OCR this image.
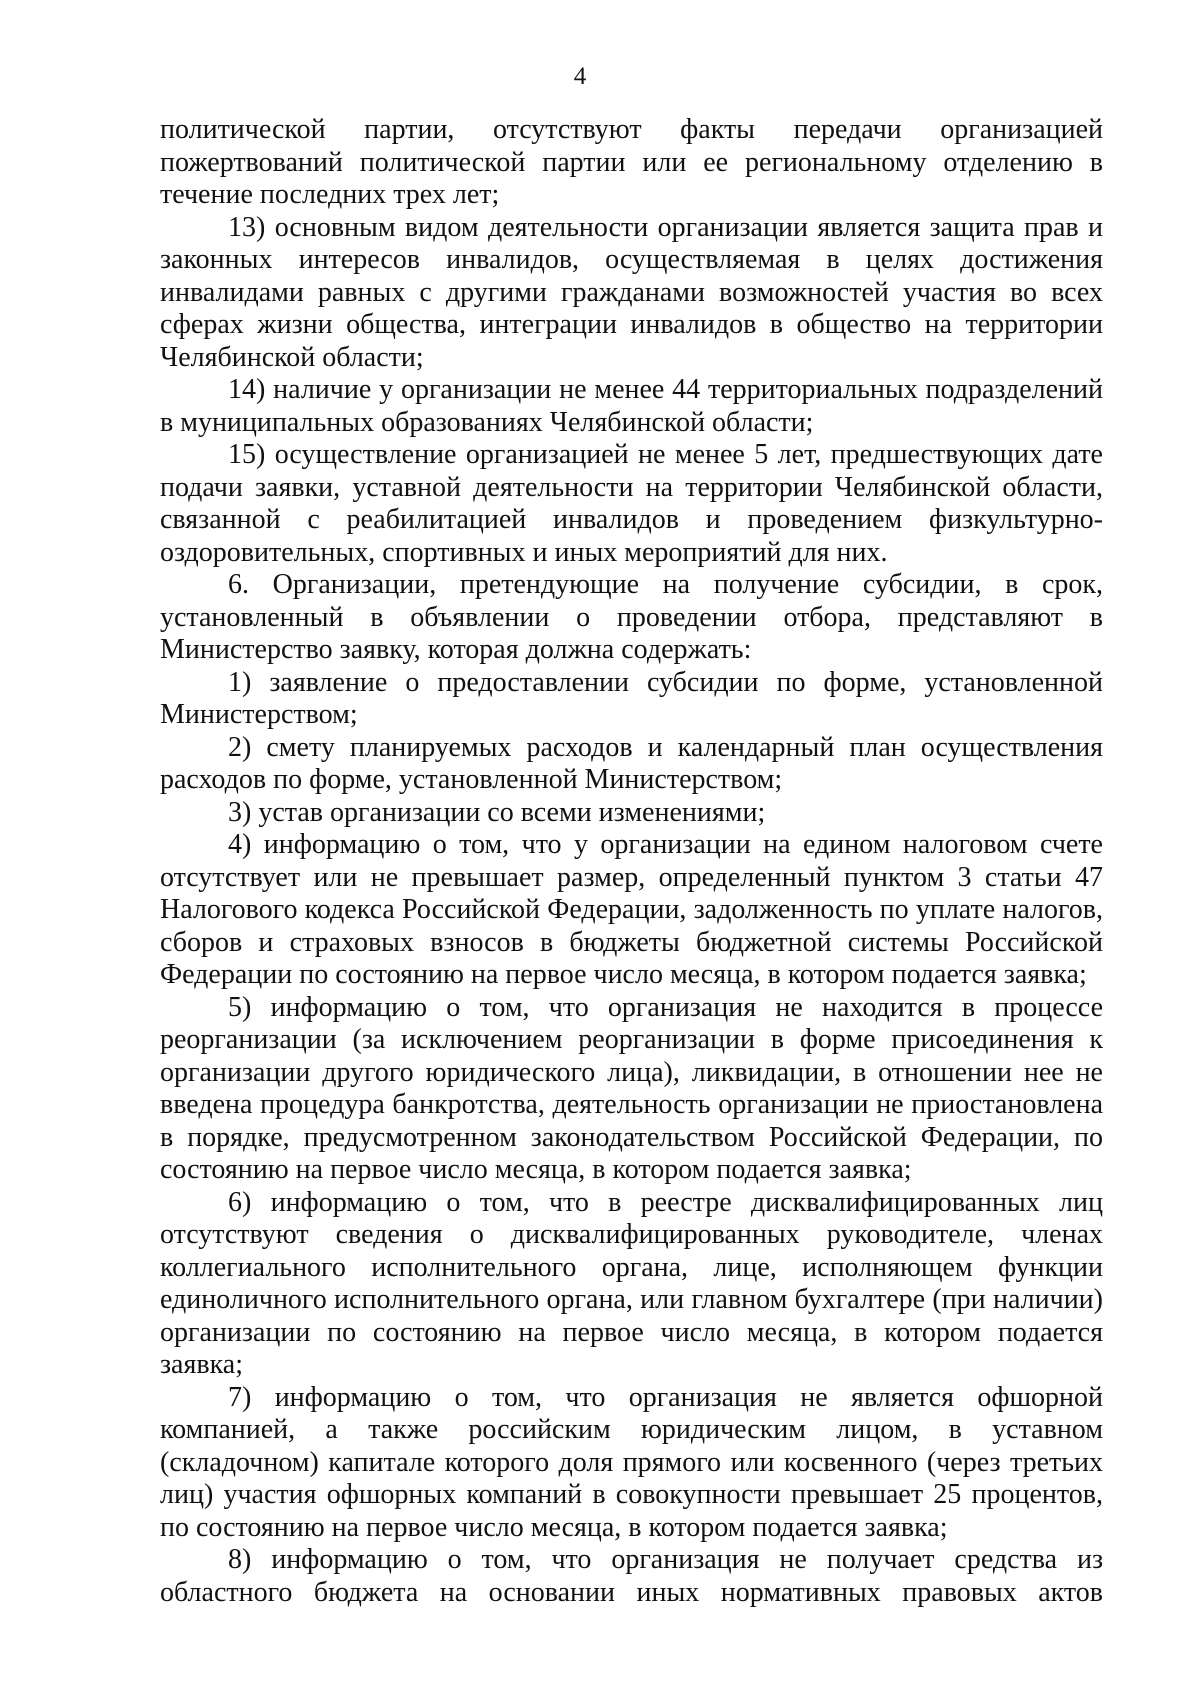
4

политической партии, отсутствуют факты передачи организацией пожертвований политической партии или ее региональному отделению в течение последних трех лет;

13) основным видом деятельности организации является защита прав и законных интересов инвалидов, осуществляемая в целях достижения инвалидами равных с другими гражданами возможностей участия во всех сферах жизни общества, интеграции инвалидов в общество на территории Челябинской области;

14) наличие у организации не менее 44 территориальных подразделений в муниципальных образованиях Челябинской области;

15) осуществление организацией не менее 5 лет, предшествующих дате подачи заявки, уставной деятельности на территории Челябинской области, связанной с реабилитацией инвалидов и проведением физкультурно-оздоровительных, спортивных и иных мероприятий для них.

6. Организации, претендующие на получение субсидии, в срок, установленный в объявлении о проведении отбора, представляют в Министерство заявку, которая должна содержать:

1) заявление о предоставлении субсидии по форме, установленной Министерством;

2) смету планируемых расходов и календарный план осуществления расходов по форме, установленной Министерством;

3) устав организации со всеми изменениями;

4) информацию о том, что у организации на едином налоговом счете отсутствует или не превышает размер, определенный пунктом 3 статьи 47 Налогового кодекса Российской Федерации, задолженность по уплате налогов, сборов и страховых взносов в бюджеты бюджетной системы Российской Федерации по состоянию на первое число месяца, в котором подается заявка;

5) информацию о том, что организация не находится в процессе реорганизации (за исключением реорганизации в форме присоединения к организации другого юридического лица), ликвидации, в отношении нее не введена процедура банкротства, деятельность организации не приостановлена в порядке, предусмотренном законодательством Российской Федерации, по состоянию на первое число месяца, в котором подается заявка;

6) информацию о том, что в реестре дисквалифицированных лиц отсутствуют сведения о дисквалифицированных руководителе, членах коллегиального исполнительного органа, лице, исполняющем функции единоличного исполнительного органа, или главном бухгалтере (при наличии) организации по состоянию на первое число месяца, в котором подается заявка;

7) информацию о том, что организация не является офшорной компанией, а также российским юридическим лицом, в уставном (складочном) капитале которого доля прямого или косвенного (через третьих лиц) участия офшорных компаний в совокупности превышает 25 процентов, по состоянию на первое число месяца, в котором подается заявка;

8) информацию о том, что организация не получает средства из областного бюджета на основании иных нормативных правовых актов
